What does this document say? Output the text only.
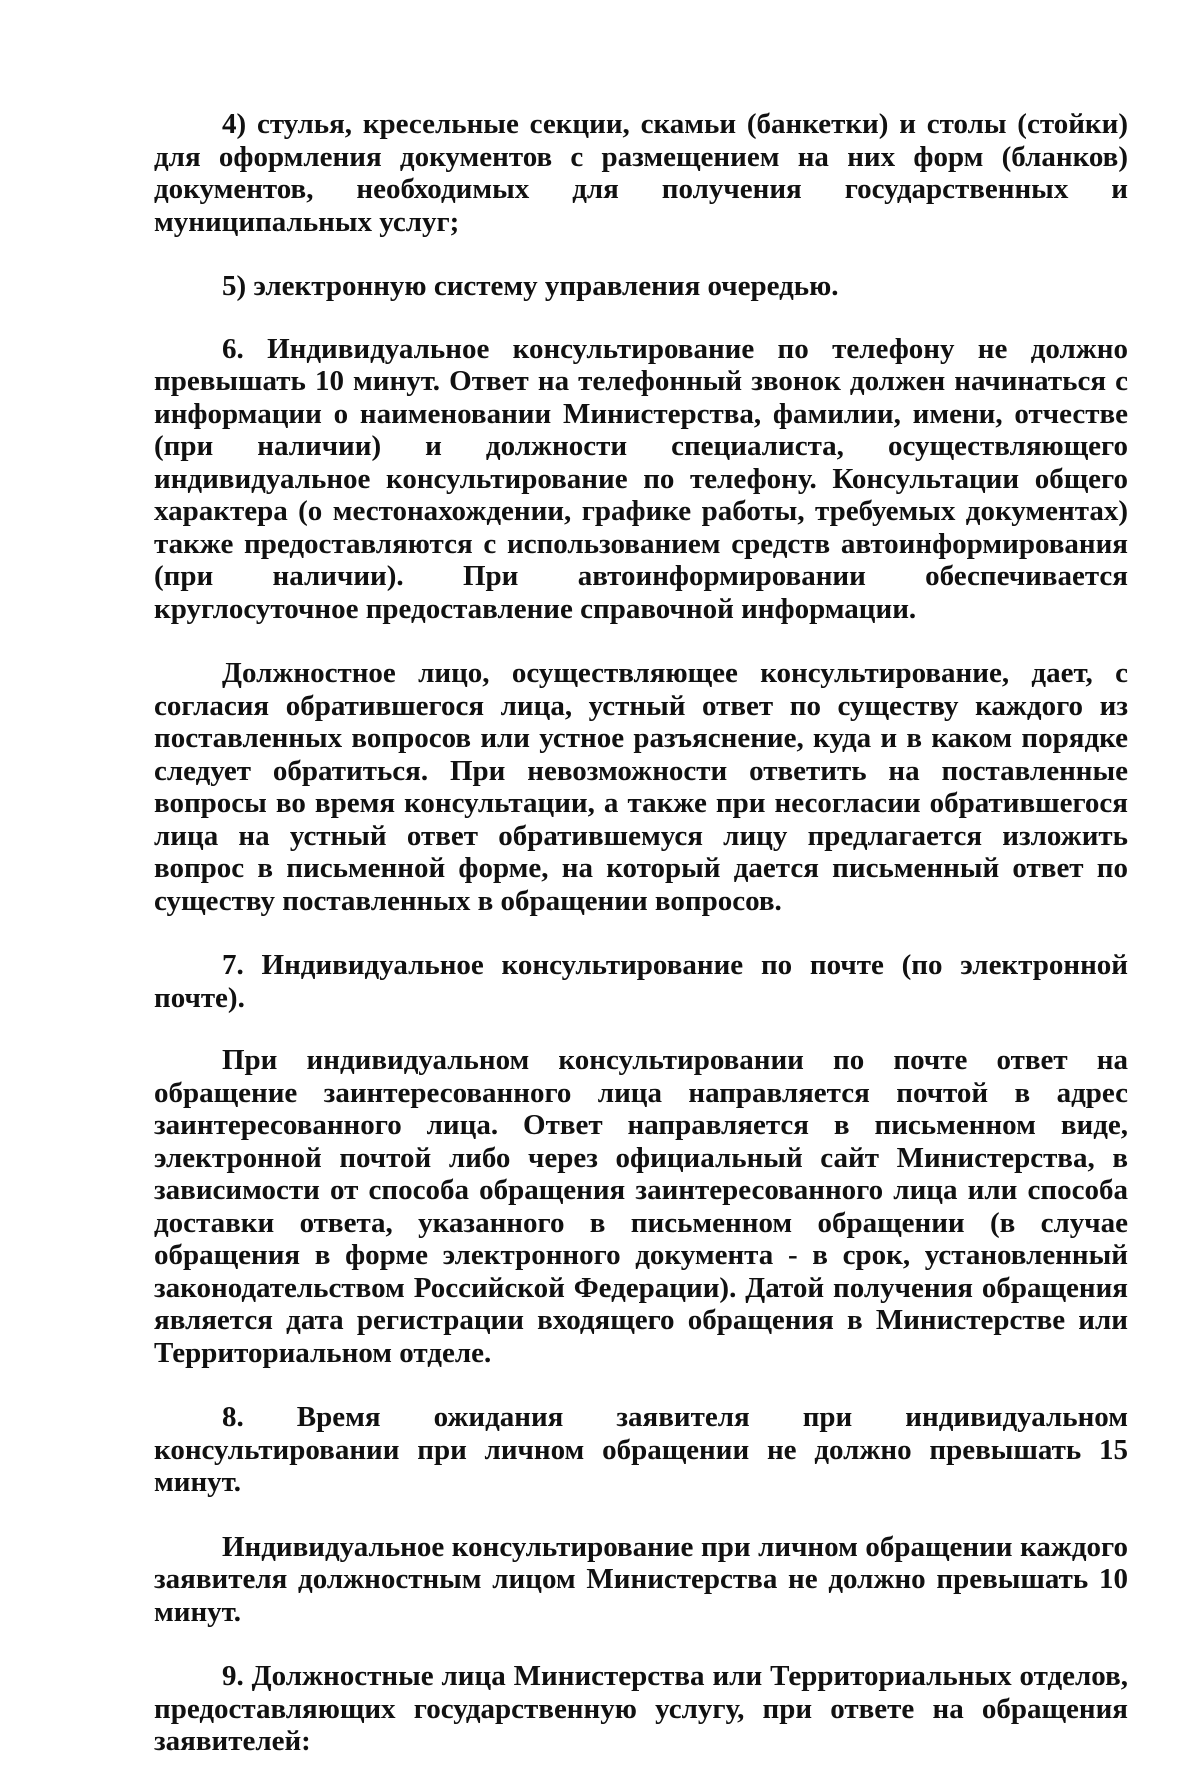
4) стулья, кресельные секции, скамьи (банкетки) и столы (стойки) для оформления документов с размещением на них форм (бланков) документов, необходимых для получения государственных и муниципальных услуг;

5) электронную систему управления очередью.

6. Индивидуальное консультирование по телефону не должно превышать 10 минут. Ответ на телефонный звонок должен начинаться с информации о наименовании Министерства, фамилии, имени, отчестве (при наличии) и должности специалиста, осуществляющего индивидуальное консультирование по телефону. Консультации общего характера (о местонахождении, графике работы, требуемых документах) также предоставляются с использованием средств автоинформирования (при наличии). При автоинформировании обеспечивается круглосуточное предоставление справочной информации.

Должностное лицо, осуществляющее консультирование, дает, с согласия обратившегося лица, устный ответ по существу каждого из поставленных вопросов или устное разъяснение, куда и в каком порядке следует обратиться. При невозможности ответить на поставленные вопросы во время консультации, а также при несогласии обратившегося лица на устный ответ обратившемуся лицу предлагается изложить вопрос в письменной форме, на который дается письменный ответ по существу поставленных в обращении вопросов.

7. Индивидуальное консультирование по почте (по электронной почте).

При индивидуальном консультировании по почте ответ на обращение заинтересованного лица направляется почтой в адрес заинтересованного лица. Ответ направляется в письменном виде, электронной почтой либо через официальный сайт Министерства, в зависимости от способа обращения заинтересованного лица или способа доставки ответа, указанного в письменном обращении (в случае обращения в форме электронного документа - в срок, установленный законодательством Российской Федерации). Датой получения обращения является дата регистрации входящего обращения в Министерстве или Территориальном отделе.

8. Время ожидания заявителя при индивидуальном консультировании при личном обращении не должно превышать 15 минут.

Индивидуальное консультирование при личном обращении каждого заявителя должностным лицом Министерства не должно превышать 10 минут.

9. Должностные лица Министерства или Территориальных отделов, предоставляющих государственную услугу, при ответе на обращения заявителей:
